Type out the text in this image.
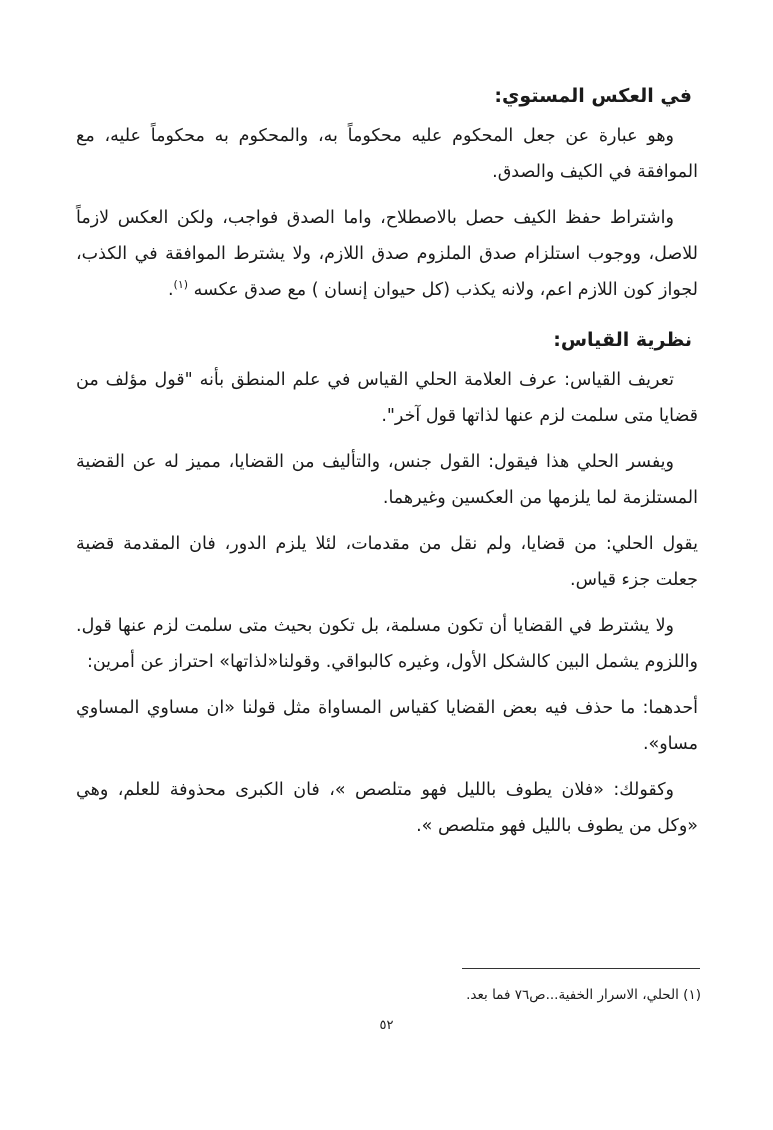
في العكس المستوي:

وهو عبارة عن جعل المحكوم عليه محكوماً به، والمحكوم به محكوماً عليه، مع الموافقة في الكيف والصدق.

واشتراط حفظ الكيف حصل بالاصطلاح، واما الصدق فواجب، ولكن العكس لازماً للاصل، ووجوب استلزام صدق الملزوم صدق اللازم، ولا يشترط الموافقة في الكذب، لجواز كون اللازم اعم، ولانه يكذب (كل حيوان إنسان ) مع صدق عكسه $^{(١)}$.

نظرية القياس:

تعريف القياس: عرف العلامة الحلي القياس في علم المنطق بأنه "قول مؤلف من قضايا متى سلمت لزم عنها لذاتها قول آخر".

ويفسر الحلي هذا فيقول: القول جنس، والتأليف من القضايا، مميز له عن القضية المستلزمة لما يلزمها من العكسين وغيرهما.

يقول الحلي: من قضايا، ولم نقل من مقدمات، لئلا يلزم الدور، فان المقدمة قضية جعلت جزء قياس.

ولا يشترط في القضايا أن تكون مسلمة، بل تكون بحيث متى سلمت لزم عنها قول. واللزوم يشمل البين كالشكل الأول، وغيره كالبواقي. وقولنا«لذاتها» احتراز عن أمرين:

أحدهما: ما حذف فيه بعض القضايا كقياس المساواة مثل قولنا «ان مساوي المساوي مساو».

وكقولك: «فلان يطوف بالليل فهو متلصص »، فان الكبرى محذوفة للعلم، وهي «وكل من يطوف بالليل فهو متلصص ».

(١) الحلي، الاسرار الخفية...ص٧٦ فما بعد.
٥٢
